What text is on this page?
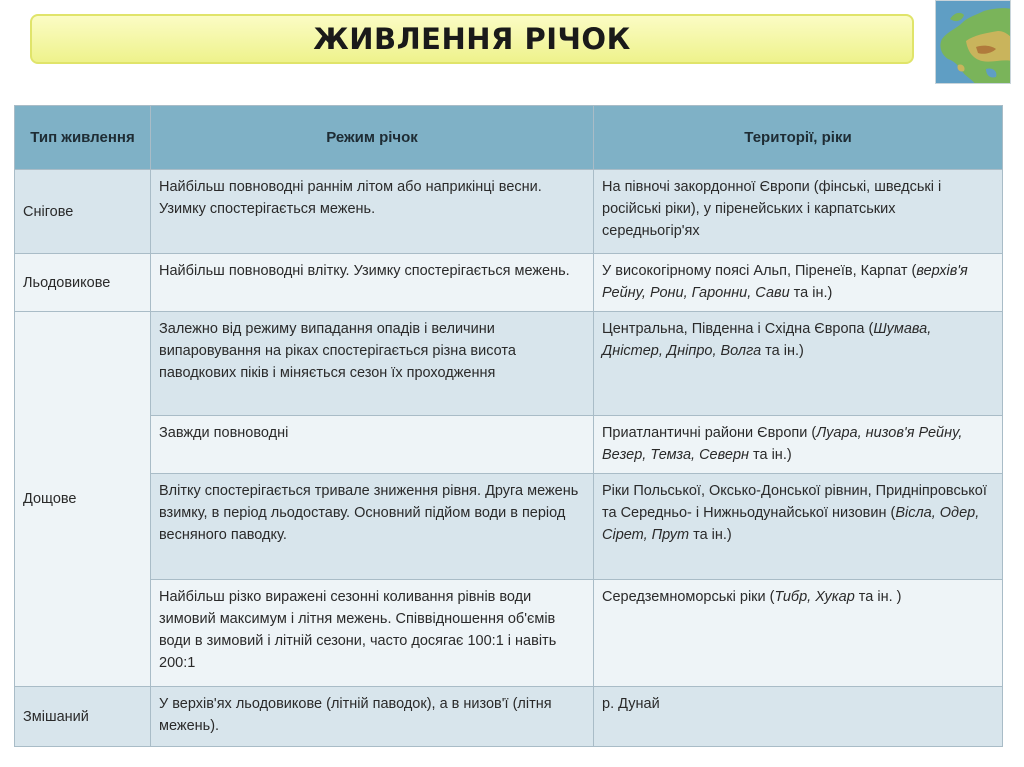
ЖИВЛЕННЯ РІЧОК
Тип живлення	Режим річок	Території, ріки
Снігове	Найбільш повноводні раннім літом або наприкінці весни. Узимку спостерігається межень.	На півночі закордонної Європи (фінські, шведські і російські ріки), у піренейських і карпатських середньогір'ях
Льодовикове	Найбільш повноводні влітку. Узимку спостерігається межень.	У високогірному поясі Альп, Піренеїв, Карпат (верхів'я Рейну, Рони, Гаронни, Сави та ін.)
Дощове	Залежно від режиму випадання опадів і величини випаровування на ріках спостерігається різна висота паводкових піків і міняється сезон їх проходження	Центральна, Південна і Східна Європа (Шумава, Дністер, Дніпро, Волга та ін.)
	Завжди повноводні	Приатлантичні райони Європи (Луара, низов'я Рейну, Везер, Темза, Северн та ін.)
	Влітку спостерігається тривале зниження рівня. Друга межень взимку, в період льодоставу. Основний підйом води в період весняного паводку.	Ріки Польської, Оксько-Донської рівнин, Придніпровської та Середньо- і Нижньодунайської низовин (Вісла, Одер, Сірет, Прут та ін.)
	Найбільш різко виражені сезонні коливання рівнів води зимовий максимум і літня межень. Співвідношення об'ємів води в зимовий і літній сезони, часто досягає 100:1 і навіть 200:1	Середземноморські ріки (Тибр, Хукар та ін. )
Змішаний	У верхів'ях льодовикове (літній паводок), а в низов'ї (літня межень).	р. Дунай
